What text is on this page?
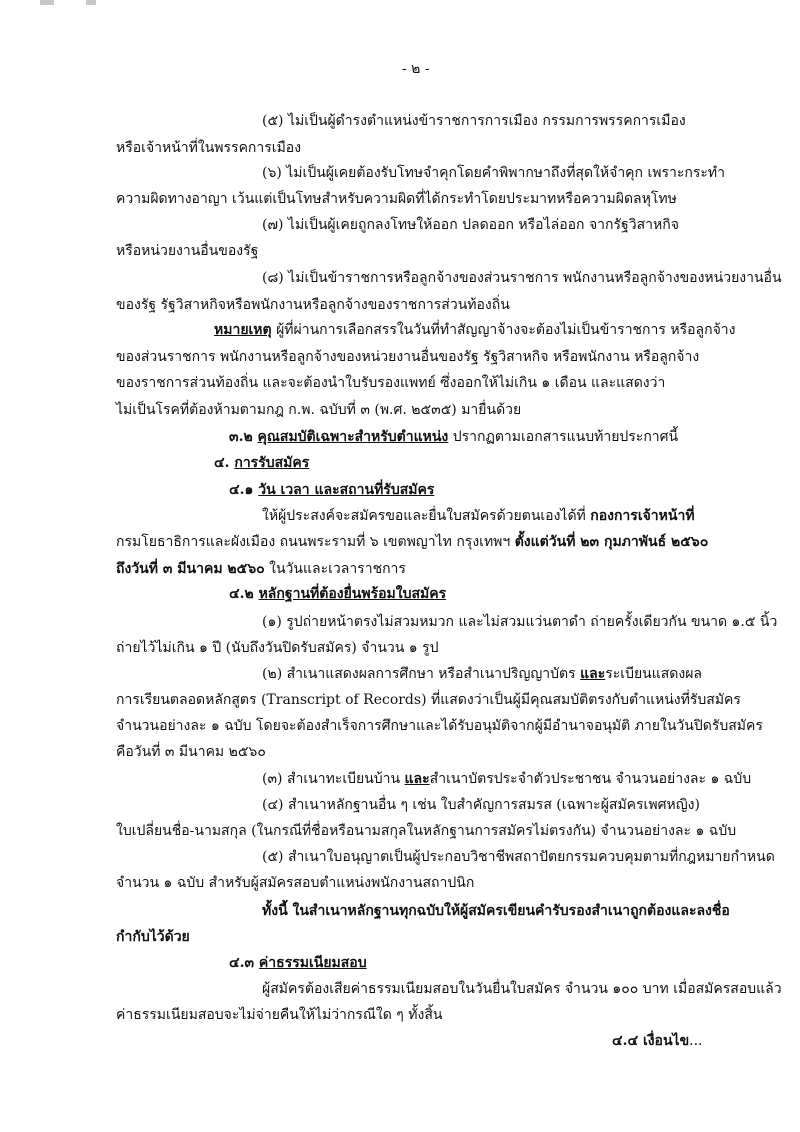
- ๒ -
(๕) ไม่เป็นผู้ดำรงตำแหน่งข้าราชการการเมือง กรรมการพรรคการเมือง
หรือเจ้าหน้าที่ในพรรคการเมือง
(๖) ไม่เป็นผู้เคยต้องรับโทษจำคุกโดยคำพิพากษาถึงที่สุดให้จำคุก เพราะกระทำ
ความผิดทางอาญา เว้นแต่เป็นโทษสำหรับความผิดที่ได้กระทำโดยประมาทหรือความผิดลหุโทษ
(๗) ไม่เป็นผู้เคยถูกลงโทษให้ออก ปลดออก หรือไล่ออก จากรัฐวิสาหกิจ
หรือหน่วยงานอื่นของรัฐ
(๘) ไม่เป็นข้าราชการหรือลูกจ้างของส่วนราชการ พนักงานหรือลูกจ้างของหน่วยงานอื่น
ของรัฐ รัฐวิสาหกิจหรือพนักงานหรือลูกจ้างของราชการส่วนท้องถิ่น
หมายเหตุ ผู้ที่ผ่านการเลือกสรรในวันที่ทำสัญญาจ้างจะต้องไม่เป็นข้าราชการ หรือลูกจ้าง
ของส่วนราชการ พนักงานหรือลูกจ้างของหน่วยงานอื่นของรัฐ รัฐวิสาหกิจ หรือพนักงาน หรือลูกจ้าง
ของราชการส่วนท้องถิ่น และจะต้องนำใบรับรองแพทย์ ซึ่งออกให้ไม่เกิน ๑ เดือน และแสดงว่า
ไม่เป็นโรคที่ต้องห้ามตามกฎ ก.พ. ฉบับที่ ๓ (พ.ศ. ๒๕๓๕) มายื่นด้วย
๓.๒ คุณสมบัติเฉพาะสำหรับตำแหน่ง ปรากฏตามเอกสารแนบท้ายประกาศนี้
๔. การรับสมัคร
๔.๑ วัน เวลา และสถานที่รับสมัคร
ให้ผู้ประสงค์จะสมัครขอและยื่นใบสมัครด้วยตนเองได้ที่ กองการเจ้าหน้าที่
กรมโยธาธิการและผังเมือง ถนนพระรามที่ ๖ เขตพญาไท กรุงเทพฯ ตั้งแต่วันที่ ๒๓ กุมภาพันธ์ ๒๕๖๐
ถึงวันที่ ๓ มีนาคม ๒๕๖๐ ในวันและเวลาราชการ
๔.๒ หลักฐานที่ต้องยื่นพร้อมใบสมัคร
(๑) รูปถ่ายหน้าตรงไม่สวมหมวก และไม่สวมแว่นตาดำ ถ่ายครั้งเดียวกัน ขนาด ๑.๕ นิ้ว
ถ่ายไว้ไม่เกิน ๑ ปี (นับถึงวันปิดรับสมัคร) จำนวน ๑ รูป
(๒) สำเนาแสดงผลการศึกษา หรือสำเนาปริญญาบัตร และระเบียนแสดงผล
การเรียนตลอดหลักสูตร (Transcript of Records) ที่แสดงว่าเป็นผู้มีคุณสมบัติตรงกับตำแหน่งที่รับสมัคร
จำนวนอย่างละ ๑ ฉบับ โดยจะต้องสำเร็จการศึกษาและได้รับอนุมัติจากผู้มีอำนาจอนุมัติ ภายในวันปิดรับสมัคร
คือวันที่ ๓ มีนาคม ๒๕๖๐
(๓) สำเนาทะเบียนบ้าน และสำเนาบัตรประจำตัวประชาชน จำนวนอย่างละ ๑ ฉบับ
(๔) สำเนาหลักฐานอื่น ๆ เช่น ใบสำคัญการสมรส (เฉพาะผู้สมัครเพศหญิง)
ใบเปลี่ยนชื่อ-นามสกุล (ในกรณีที่ชื่อหรือนามสกุลในหลักฐานการสมัครไม่ตรงกัน) จำนวนอย่างละ ๑ ฉบับ
(๕) สำเนาใบอนุญาตเป็นผู้ประกอบวิชาชีพสถาปัตยกรรมควบคุมตามที่กฎหมายกำหนด
จำนวน ๑ ฉบับ สำหรับผู้สมัครสอบตำแหน่งพนักงานสถาปนิก
ทั้งนี้ ในสำเนาหลักฐานทุกฉบับให้ผู้สมัครเขียนคำรับรองสำเนาถูกต้องและลงชื่อ
กำกับไว้ด้วย
๔.๓ ค่าธรรมเนียมสอบ
ผู้สมัครต้องเสียค่าธรรมเนียมสอบในวันยื่นใบสมัคร จำนวน ๑๐๐ บาท เมื่อสมัครสอบแล้ว
ค่าธรรมเนียมสอบจะไม่จ่ายคืนให้ไม่ว่ากรณีใด ๆ ทั้งสิ้น
๔.๔ เงื่อนไข...
